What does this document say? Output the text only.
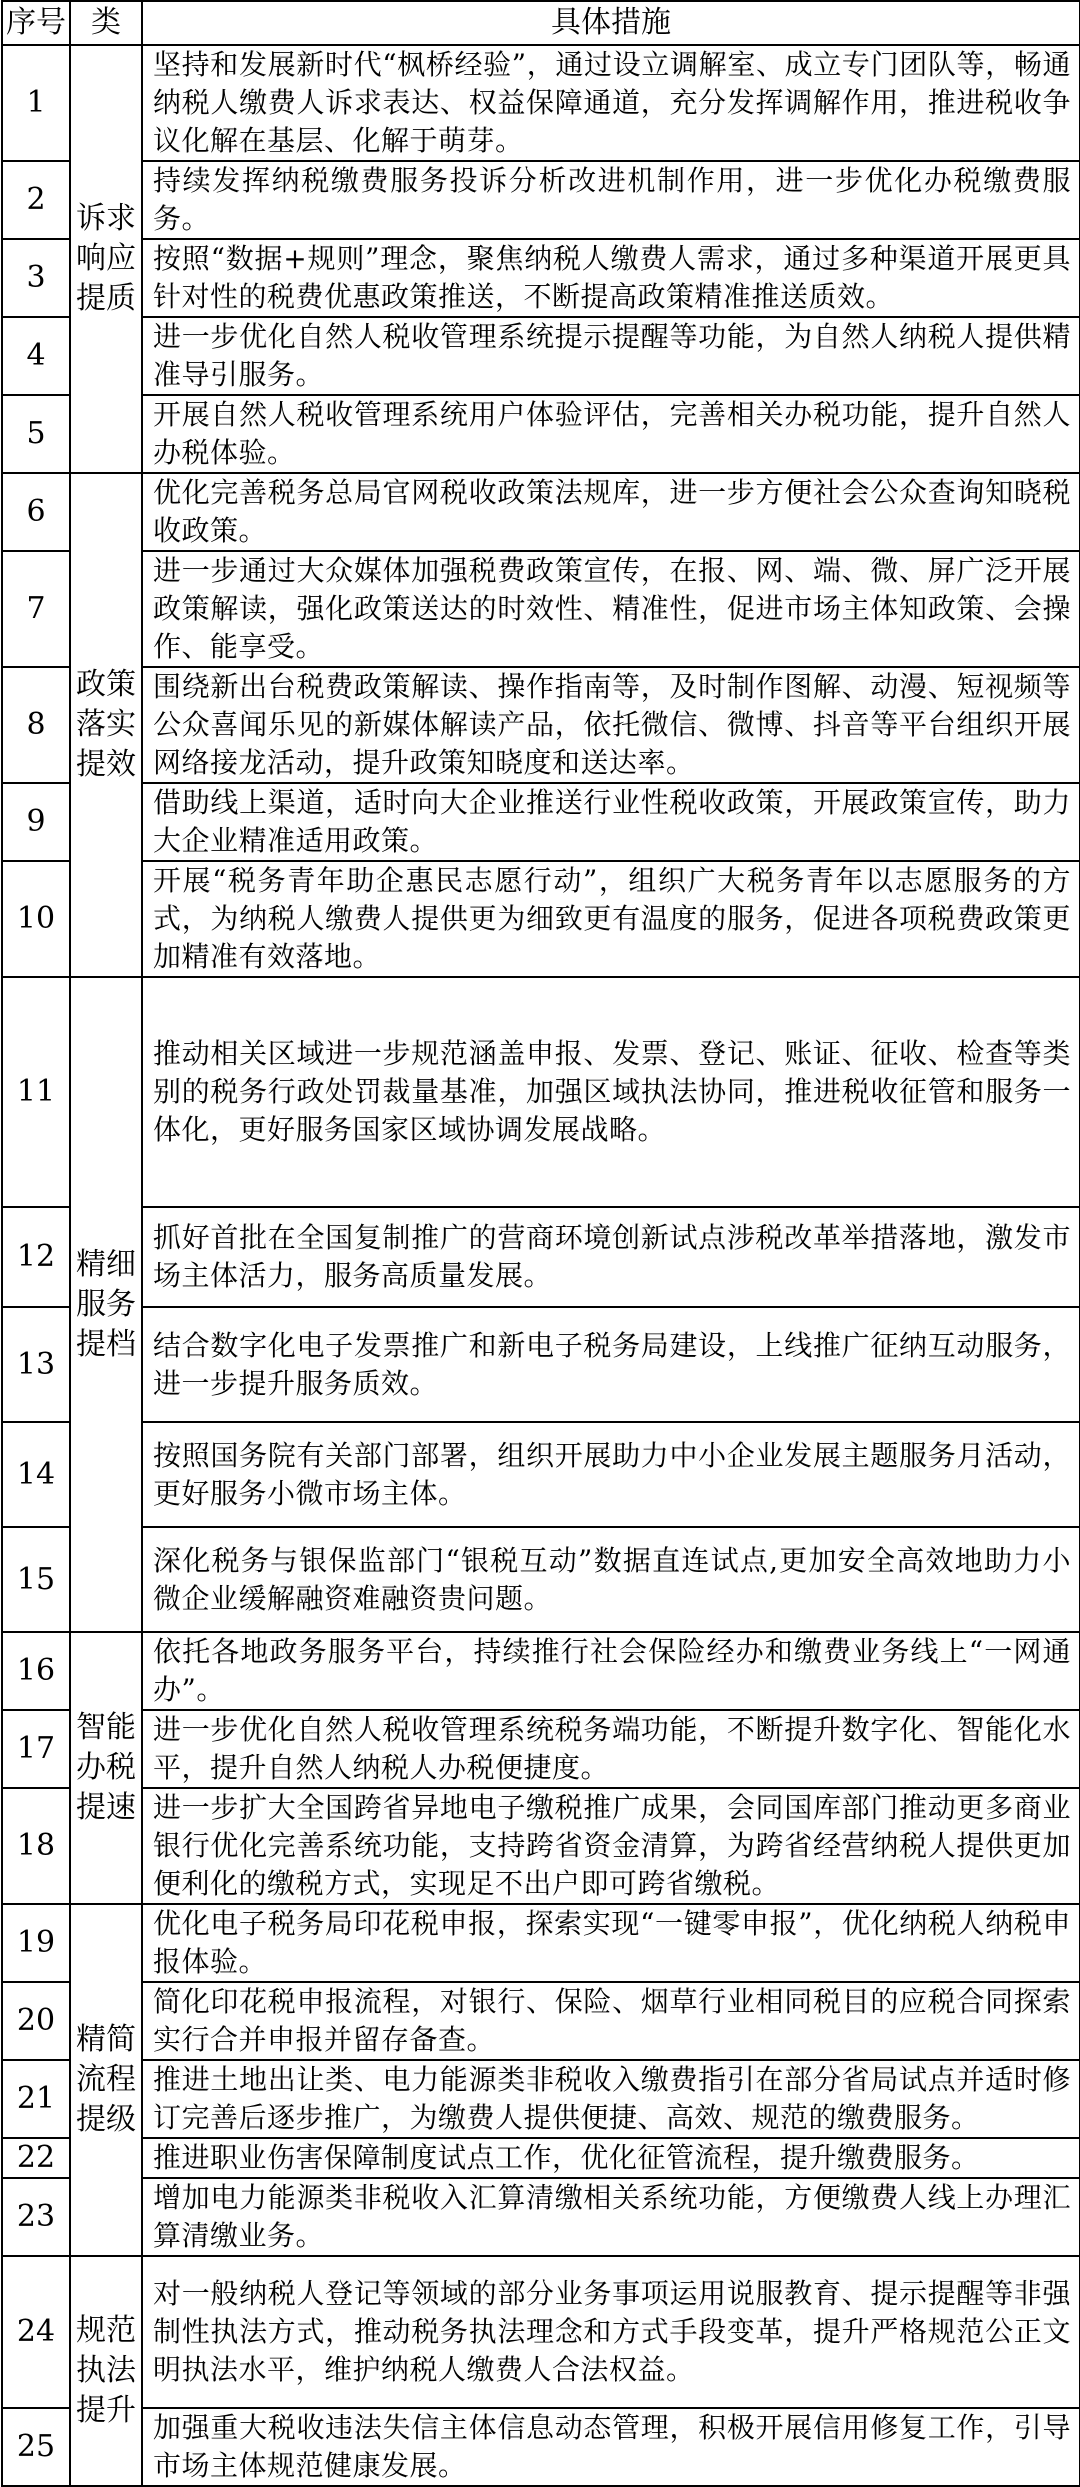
序号	类	具体措施
1	诉求响应提质	坚持和发展新时代“枫桥经验”，通过设立调解室、成立专门团队等，畅通纳税人缴费人诉求表达、权益保障通道，充分发挥调解作用，推进税收争议化解在基层、化解于萌芽。
2		持续发挥纳税缴费服务投诉分析改进机制作用，进一步优化办税缴费服务。
3		按照“数据+规则”理念，聚焦纳税人缴费人需求，通过多种渠道开展更具针对性的税费优惠政策推送，不断提高政策精准推送质效。
4		进一步优化自然人税收管理系统提示提醒等功能，为自然人纳税人提供精准导引服务。
5		开展自然人税收管理系统用户体验评估，完善相关办税功能，提升自然人办税体验。
6	政策落实提效	优化完善税务总局官网税收政策法规库，进一步方便社会公众查询知晓税收政策。
7		进一步通过大众媒体加强税费政策宣传，在报、网、端、微、屏广泛开展政策解读，强化政策送达的时效性、精准性，促进市场主体知政策、会操作、能享受。
8		围绕新出台税费政策解读、操作指南等，及时制作图解、动漫、短视频等公众喜闻乐见的新媒体解读产品，依托微信、微博、抖音等平台组织开展网络接龙活动，提升政策知晓度和送达率。
9		借助线上渠道，适时向大企业推送行业性税收政策，开展政策宣传，助力大企业精准适用政策。
10		开展“税务青年助企惠民志愿行动”，组织广大税务青年以志愿服务的方式，为纳税人缴费人提供更为细致更有温度的服务，促进各项税费政策更加精准有效落地。
11	精细服务提档	推动相关区域进一步规范涵盖申报、发票、登记、账证、征收、检查等类别的税务行政处罚裁量基准，加强区域执法协同，推进税收征管和服务一体化，更好服务国家区域协调发展战略。
12		抓好首批在全国复制推广的营商环境创新试点涉税改革举措落地，激发市场主体活力，服务高质量发展。
13		结合数字化电子发票推广和新电子税务局建设，上线推广征纳互动服务，进一步提升服务质效。
14		按照国务院有关部门部署，组织开展助力中小企业发展主题服务月活动，更好服务小微市场主体。
15		深化税务与银保监部门“银税互动”数据直连试点,更加安全高效地助力小微企业缓解融资难融资贵问题。
16	智能办税提速	依托各地政务服务平台，持续推行社会保险经办和缴费业务线上“一网通办”。
17		进一步优化自然人税收管理系统税务端功能，不断提升数字化、智能化水平，提升自然人纳税人办税便捷度。
18		进一步扩大全国跨省异地电子缴税推广成果，会同国库部门推动更多商业银行优化完善系统功能，支持跨省资金清算，为跨省经营纳税人提供更加便利化的缴税方式，实现足不出户即可跨省缴税。
19	精简流程提级	优化电子税务局印花税申报，探索实现“一键零申报”，优化纳税人纳税申报体验。
20		简化印花税申报流程，对银行、保险、烟草行业相同税目的应税合同探索实行合并申报并留存备查。
21		推进土地出让类、电力能源类非税收入缴费指引在部分省局试点并适时修订完善后逐步推广，为缴费人提供便捷、高效、规范的缴费服务。
22		推进职业伤害保障制度试点工作，优化征管流程，提升缴费服务。
23		增加电力能源类非税收入汇算清缴相关系统功能，方便缴费人线上办理汇算清缴业务。
24	规范执法提升	对一般纳税人登记等领域的部分业务事项运用说服教育、提示提醒等非强制性执法方式，推动税务执法理念和方式手段变革，提升严格规范公正文明执法水平，维护纳税人缴费人合法权益。
25		加强重大税收违法失信主体信息动态管理，积极开展信用修复工作，引导市场主体规范健康发展。
